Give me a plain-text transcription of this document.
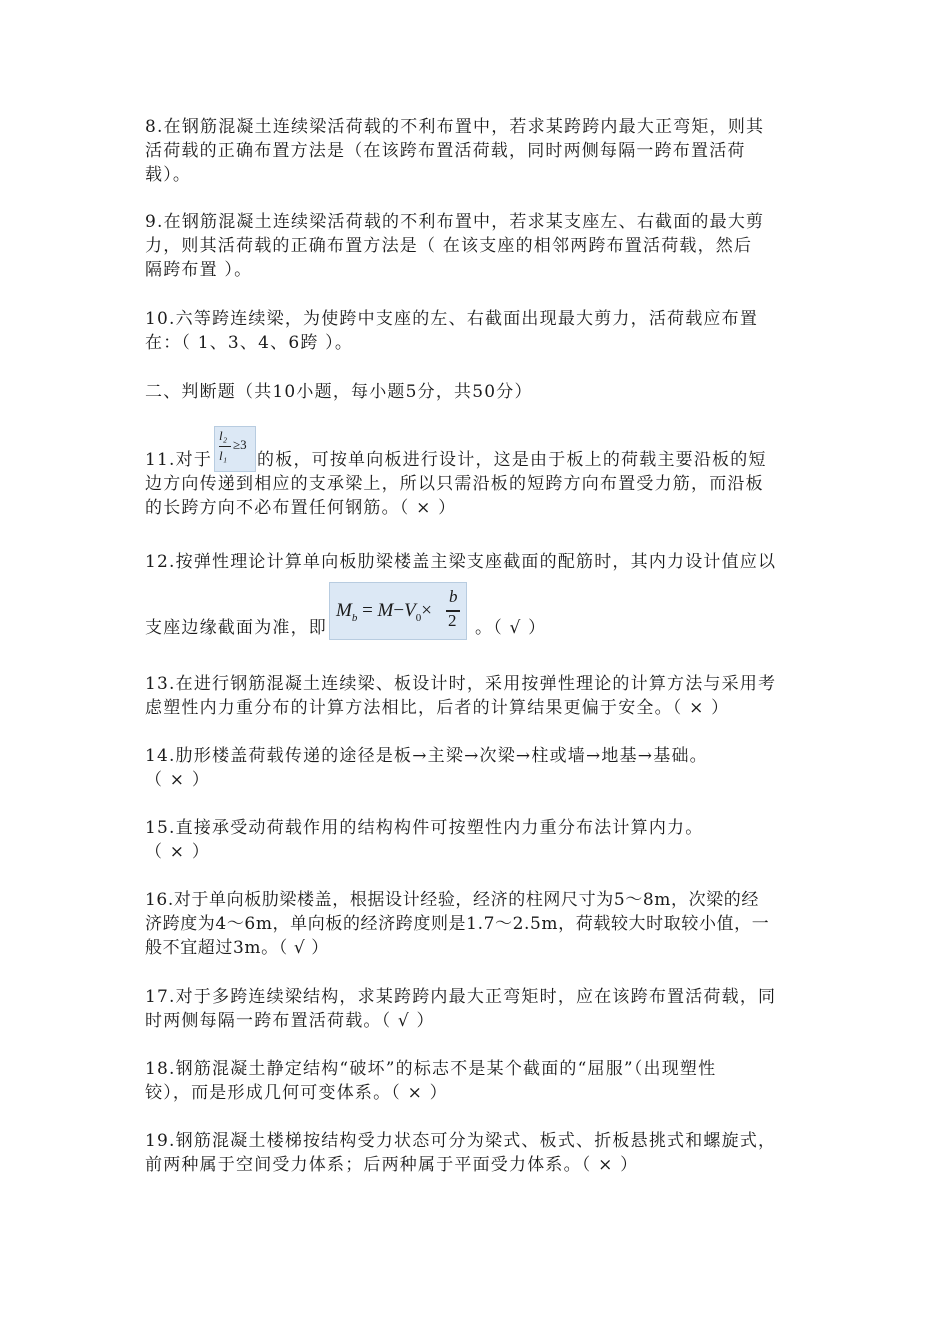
8.在钢筋混凝土连续梁活荷载的不利布置中，若求某跨跨内最大正弯矩，则其
活荷载的正确布置方法是（在该跨布置活荷载，同时两侧每隔一跨布置活荷
载）。
9.在钢筋混凝土连续梁活荷载的不利布置中，若求某支座左、右截面的最大剪
力，则其活荷载的正确布置方法是（ 在该支座的相邻两跨布置活荷载，然后
隔跨布置 ）。
10.六等跨连续梁，为使跨中支座的左、右截面出现最大剪力，活荷载应布置
在：（ 1、3、4、6跨 ）。
二、判断题（共10小题，每小题5分，共50分）
11.对于
l₂
l₁
≥3
的板，可按单向板进行设计，这是由于板上的荷载主要沿板的短
边方向传递到相应的支承梁上，所以只需沿板的短跨方向布置受力筋，而沿板
的长跨方向不必布置任何钢筋。（ × ）
12.按弹性理论计算单向板肋梁楼盖主梁支座截面的配筋时，其内力设计值应以
支座边缘截面为准，即
$M_b = M-V_0\times$
b
2 。（ √ ）
13.在进行钢筋混凝土连续梁、板设计时，采用按弹性理论的计算方法与采用考
虑塑性内力重分布的计算方法相比，后者的计算结果更偏于安全。（ × ）
14.肋形楼盖荷载传递的途径是板→主梁→次梁→柱或墙→地基→基础。
（ × ）
15.直接承受动荷载作用的结构构件可按塑性内力重分布法计算内力。
（ × ）
16.对于单向板肋梁楼盖，根据设计经验，经济的柱网尺寸为5～8m，次梁的经
济跨度为4～6m，单向板的经济跨度则是1.7～2.5m，荷载较大时取较小值，一
般不宜超过3m。（ √ ）
17.对于多跨连续梁结构，求某跨跨内最大正弯矩时，应在该跨布置活荷载，同
时两侧每隔一跨布置活荷载。（ √ ）
18.钢筋混凝土静定结构“破坏”的标志不是某个截面的“屈服”（出现塑性
铰），而是形成几何可变体系。（ × ）
19.钢筋混凝土楼梯按结构受力状态可分为梁式、板式、折板悬挑式和螺旋式，
前两种属于空间受力体系；后两种属于平面受力体系。（ × ）
